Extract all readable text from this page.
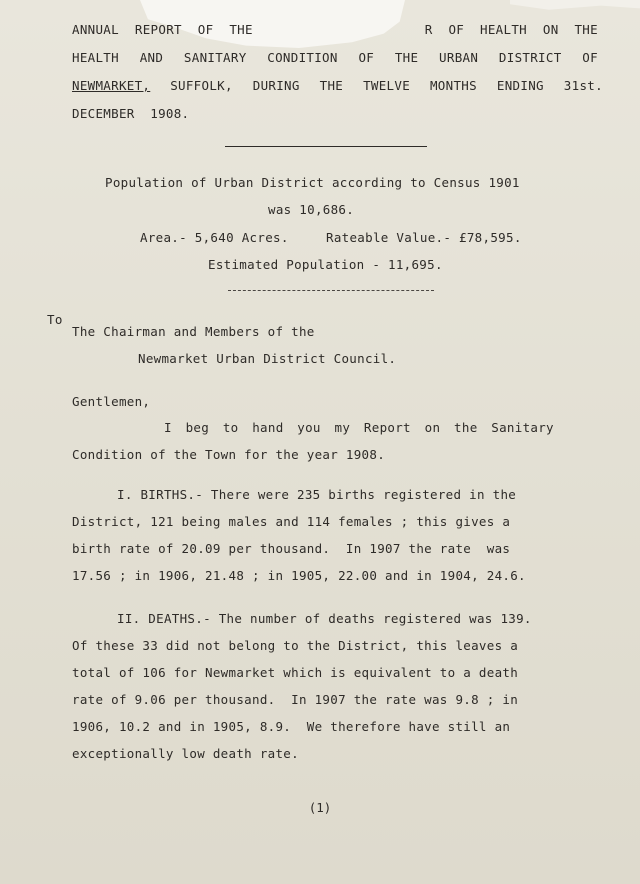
ANNUAL REPORT OF THE	R OF HEALTH ON THE
HEALTH AND SANITARY CONDITION OF THE URBAN DISTRICT OF
NEWMARKET, SUFFOLK, DURING THE TWELVE MONTHS ENDING 31st.
DECEMBER  1908.
Population of Urban District according to Census 1901
was 10,686.
Area.- 5,640 Acres.	Rateable Value.- £78,595.
Estimated Population - 11,695.
To
The Chairman and Members of the
Newmarket Urban District Council.
Gentlemen,
I beg to hand you my Report on the Sanitary
Condition of the Town for the year 1908.
I. BIRTHS.- There were 235 births registered in the
District, 121 being males and 114 females ; this gives a
birth rate of 20.09 per thousand.  In 1907 the rate  was
17.56 ; in 1906, 21.48 ; in 1905, 22.00 and in 1904, 24.6.
II. DEATHS.- The number of deaths registered was 139.
Of these 33 did not belong to the District, this leaves a
total of 106 for Newmarket which is equivalent to a death
rate of 9.06 per thousand.  In 1907 the rate was 9.8 ; in
1906, 10.2 and in 1905, 8.9.  We therefore have still an
exceptionally low death rate.
(1)
